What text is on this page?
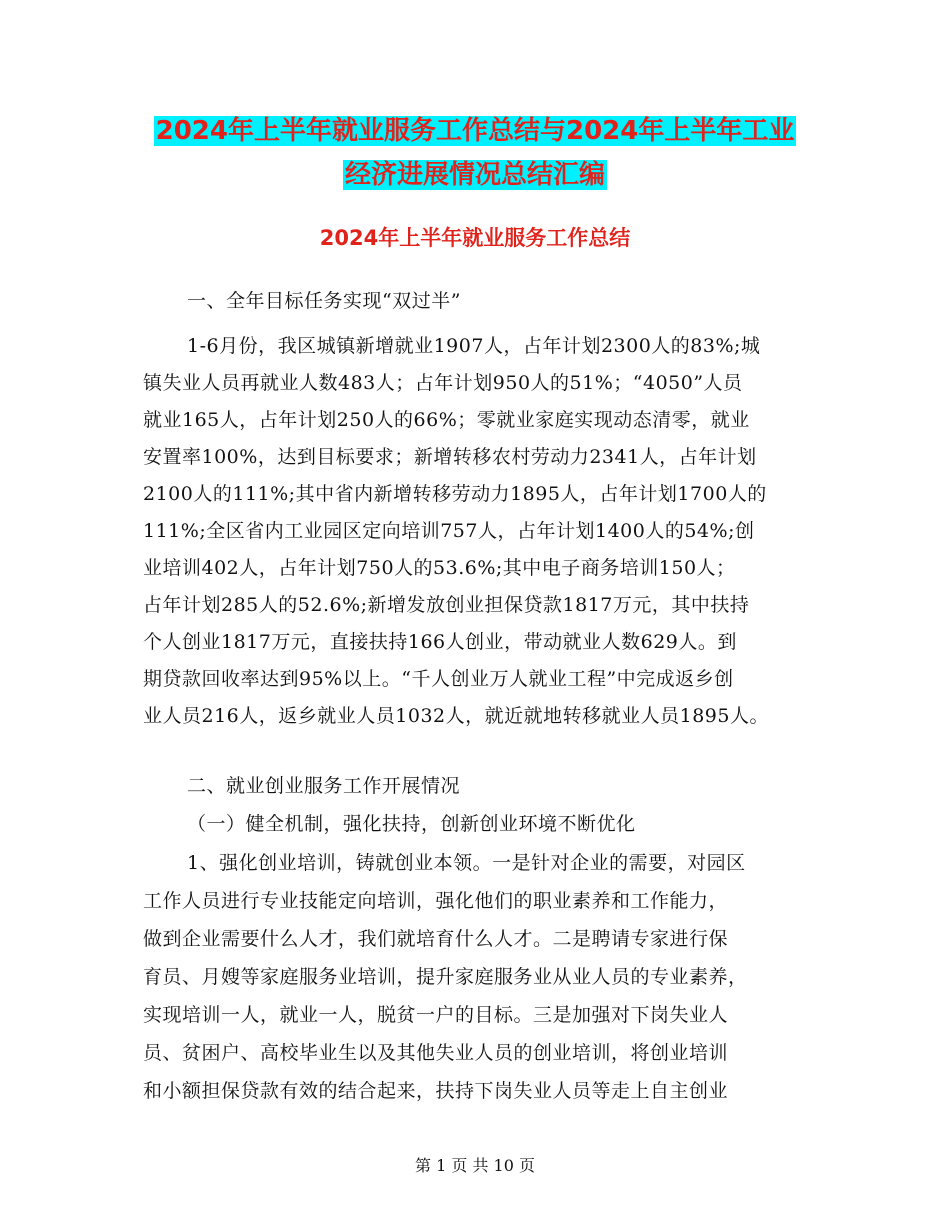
2024年上半年就业服务工作总结与2024年上半年工业
经济进展情况总结汇编
2024年上半年就业服务工作总结
一、全年目标任务实现“双过半”
1-6月份，我区城镇新增就业1907人，占年计划2300人的83%;城
镇失业人员再就业人数483人；占年计划950人的51%；“4050”人员
就业165人，占年计划250人的66%；零就业家庭实现动态清零，就业
安置率100%，达到目标要求；新增转移农村劳动力2341人，占年计划
2100人的111%;其中省内新增转移劳动力1895人，占年计划1700人的
111%;全区省内工业园区定向培训757人，占年计划1400人的54%;创
业培训402人，占年计划750人的53.6%;其中电子商务培训150人；
占年计划285人的52.6%;新增发放创业担保贷款1817万元，其中扶持
个人创业1817万元，直接扶持166人创业，带动就业人数629人。到
期贷款回收率达到95%以上。“千人创业万人就业工程”中完成返乡创
业人员216人，返乡就业人员1032人，就近就地转移就业人员1895人。
二、就业创业服务工作开展情况
（一）健全机制，强化扶持，创新创业环境不断优化
1、强化创业培训，铸就创业本领。一是针对企业的需要，对园区
工作人员进行专业技能定向培训，强化他们的职业素养和工作能力，
做到企业需要什么人才，我们就培育什么人才。二是聘请专家进行保
育员、月嫂等家庭服务业培训，提升家庭服务业从业人员的专业素养，
实现培训一人，就业一人，脱贫一户的目标。三是加强对下岗失业人
员、贫困户、高校毕业生以及其他失业人员的创业培训，将创业培训
和小额担保贷款有效的结合起来，扶持下岗失业人员等走上自主创业
第 1 页 共 10 页
